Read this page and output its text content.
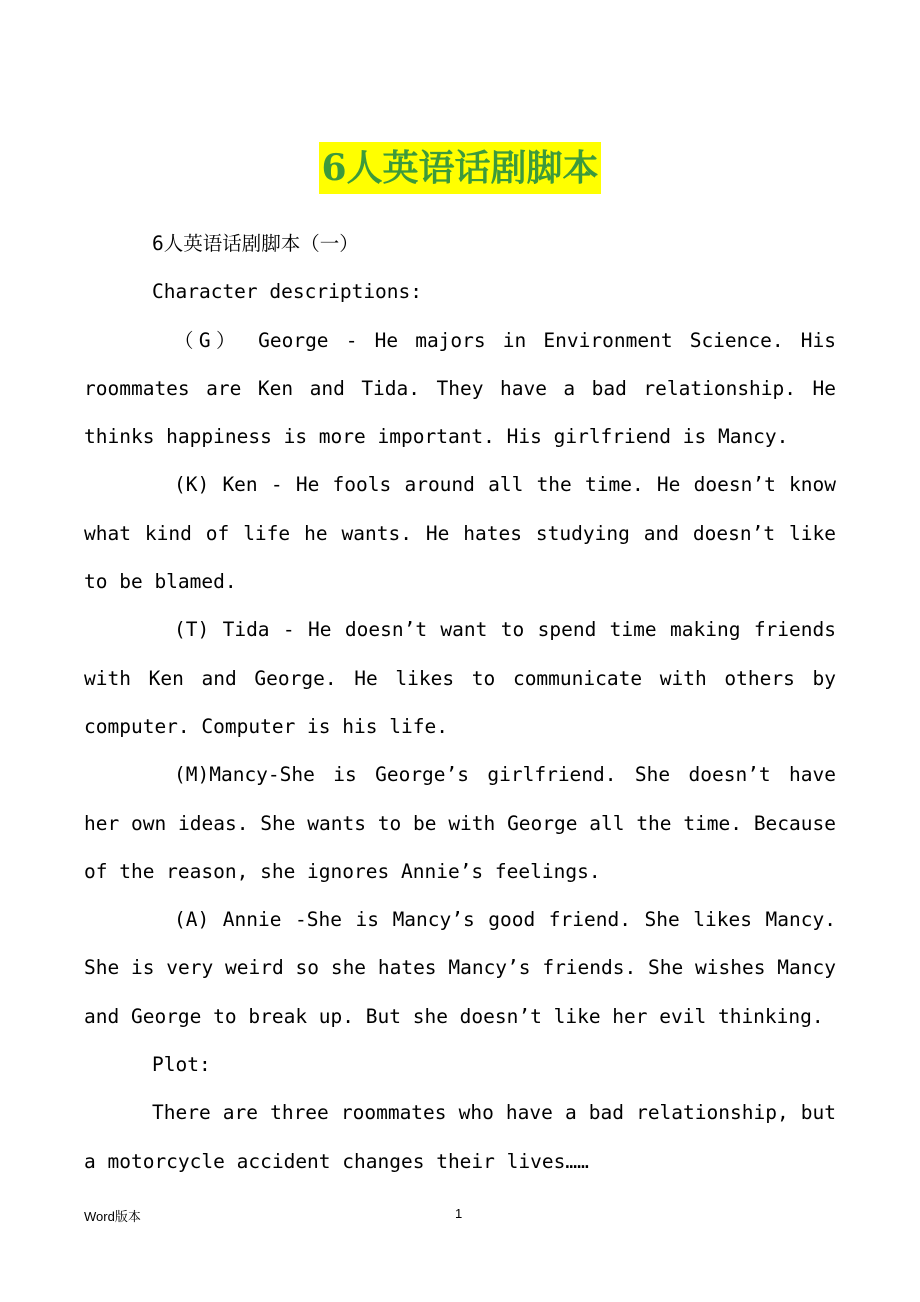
6人英语话剧脚本

6人英语话剧脚本（一）

Character descriptions:

（G） George - He majors in Environment Science. His roommates are Ken and Tida. They have a bad relationship. He thinks happiness is more important. His girlfriend is Mancy.

(K) Ken - He fools around all the time. He doesn’t know what kind of life he wants. He hates studying and doesn’t like to be blamed.

(T) Tida - He doesn’t want to spend time making friends with Ken and George. He likes to communicate with others by computer. Computer is his life.

(M)Mancy-She is George’s girlfriend. She doesn’t have her own ideas. She wants to be with George all the time. Because of the reason, she ignores Annie’s feelings.

(A) Annie -She is Mancy’s good friend. She likes Mancy. She is very weird so she hates Mancy’s friends. She wishes Mancy and George to break up. But she doesn’t like her evil thinking.

Plot:

There are three roommates who have a bad relationship, but a motorcycle accident changes their lives……

Word版本	1
